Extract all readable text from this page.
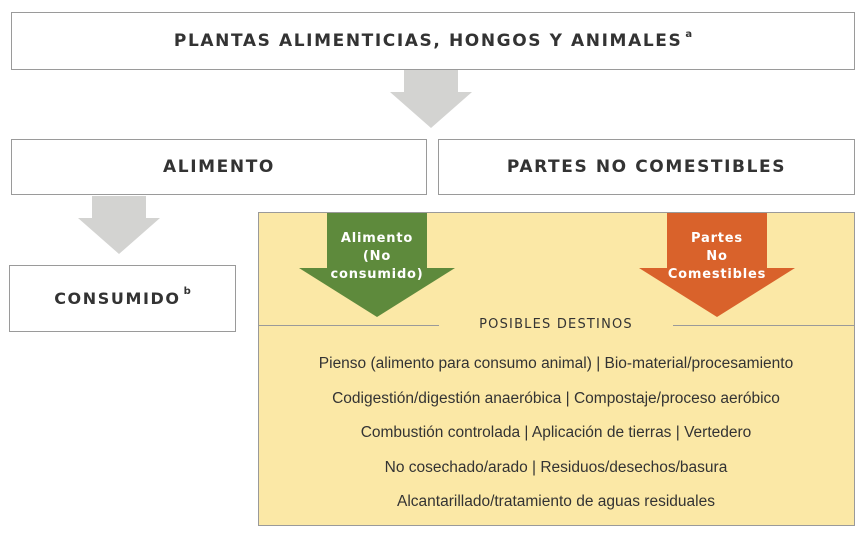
PLANTAS ALIMENTICIAS, HONGOS Y ANIMALES $^a$
ALIMENTO	PARTES NO COMESTIBLES
CONSUMIDO $^b$
Alimento
(No
consumido)
Partes
No
Comestibles
POSIBLES DESTINOS
Pienso (alimento para consumo animal) | Bio-material/procesamiento
Codigestión/digestión anaeróbica | Compostaje/proceso aeróbico
Combustión controlada | Aplicación de tierras | Vertedero
No cosechado/arado | Residuos/desechos/basura
Alcantarillado/tratamiento de aguas residuales
